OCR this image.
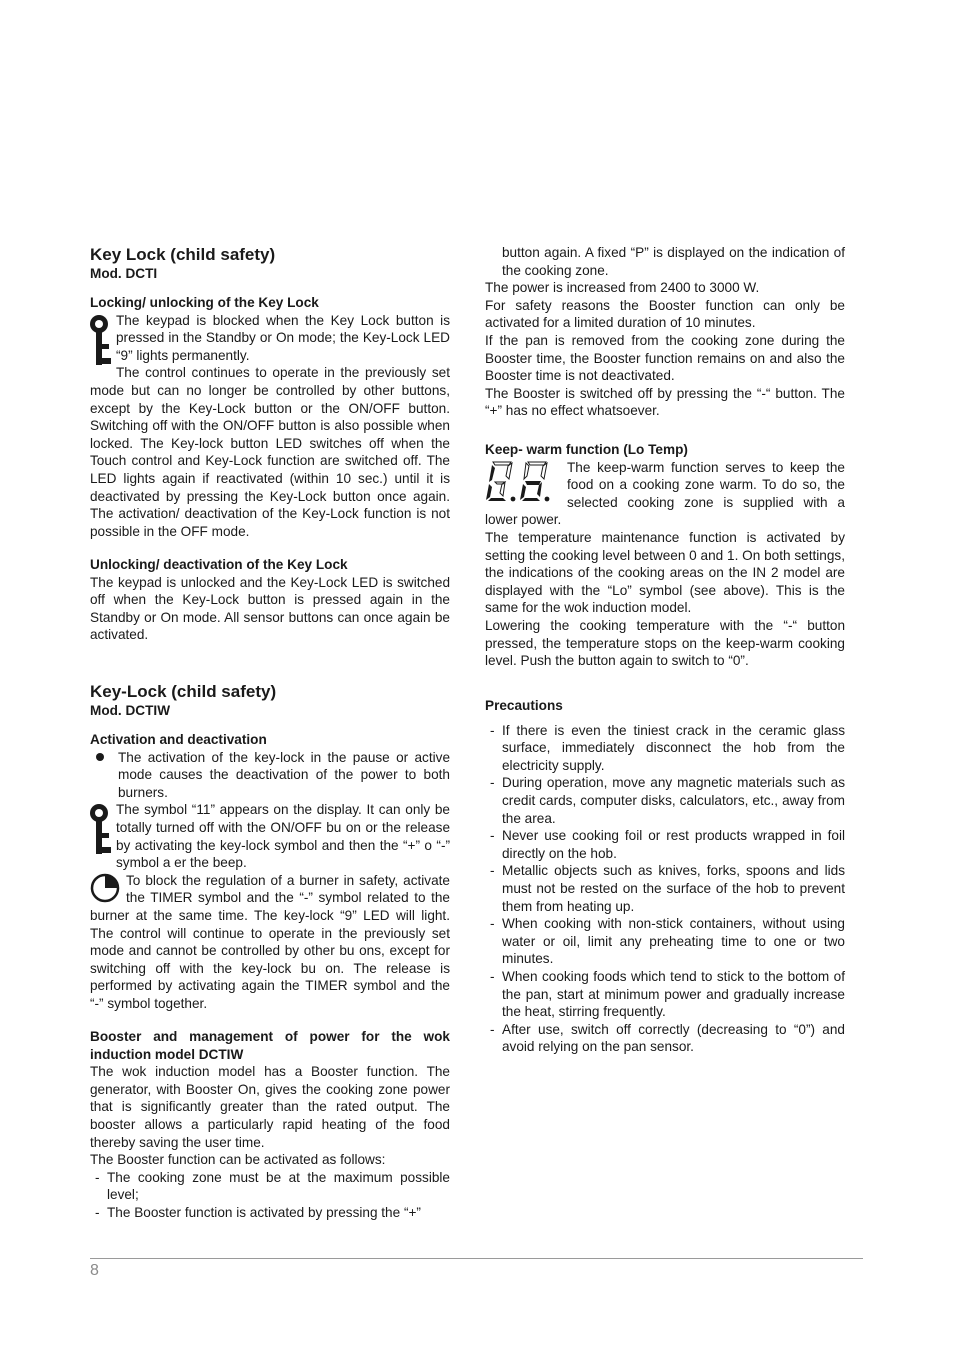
Key Lock (child safety)

Mod. DCTI

Locking/ unlocking of the Key Lock

The keypad is blocked when the Key Lock button is pressed in the Standby or On mode; the Key-Lock LED “9” lights permanently.

The control continues to operate in the previously set mode but can no longer be controlled by other buttons, except by the Key-Lock button or the ON/OFF button. Switching off with the ON/OFF button is also possible when locked. The Key-lock button LED switches off when the Touch control and Key-Lock function are switched off. The LED lights again if reactivated (within 10 sec.) until it is deactivated by pressing the Key-Lock button once again. The activation/ deactivation of the Key-Lock function is not possible in the OFF mode.

Unlocking/ deactivation of the Key Lock

The keypad is unlocked and the Key-Lock LED is switched off when the Key-Lock button is pressed again in the Standby or On mode. All sensor buttons can once again be activated.

Key-Lock (child safety)

Mod. DCTIW

Activation and deactivation

The activation of the key-lock in the pause or active mode causes the deactivation of the power to both burners.

The symbol “11” appears on the display. It can only be totally turned off with the ON/OFF bu on or the release by activating the key-lock symbol and then the “+” o “-” symbol a er the beep.

To block the regulation of a burner in safety, activate the TIMER symbol and the “-” symbol related to the burner at the same time. The key-lock “9” LED will light. The control will continue to operate in the previously set mode and cannot be controlled by other bu ons, except for switching off with the key-lock bu on. The release is performed by activating again the TIMER symbol and the “-” symbol together.

Booster and management of power for the wok induction model DCTIW

The wok induction model has a Booster function. The generator, with Booster On, gives the cooking zone power that is significantly greater than the rated output. The booster allows a particularly rapid heating of the food thereby saving the user time.

The Booster function can be activated as follows:

- The cooking zone must be at the maximum possible level;
- The Booster function is activated by pressing the “+”

button again. A fixed “P” is displayed on the indication of the cooking zone.

The power is increased from 2400 to 3000 W.

For safety reasons the Booster function can only be activated for a limited duration of 10 minutes.

If the pan is removed from the cooking zone during the Booster time, the Booster function remains on and also the Booster time is not deactivated.

The Booster is switched off by pressing the “-“ button. The “+” has no effect whatsoever.

Keep- warm function (Lo Temp)

The keep-warm function serves to keep the food on a cooking zone warm. To do so, the selected cooking zone is supplied with a lower power.

The temperature maintenance function is activated by setting the cooking level between 0 and 1. On both settings, the indications of the cooking areas on the IN 2 model are displayed with the “Lo” symbol (see above). This is the same for the wok induction model.

Lowering the cooking temperature with the “-“ button pressed, the temperature stops on the keep-warm cooking level. Push the button again to switch to “0”.

Precautions

- If there is even the tiniest crack in the ceramic glass surface, immediately disconnect the hob from the electricity supply.
- During operation, move any magnetic materials such as credit cards, computer disks, calculators, etc., away from the area.
- Never use cooking foil or rest products wrapped in foil directly on the hob.
- Metallic objects such as knives, forks, spoons and lids must not be rested on the surface of the hob to prevent them from heating up.
- When cooking with non-stick containers, without using water or oil, limit any preheating time to one or two minutes.
- When cooking foods which tend to stick to the bottom of the pan, start at minimum power and gradually increase the heat, stirring frequently.
- After use, switch off correctly (decreasing to “0”) and avoid relying on the pan sensor.
8
